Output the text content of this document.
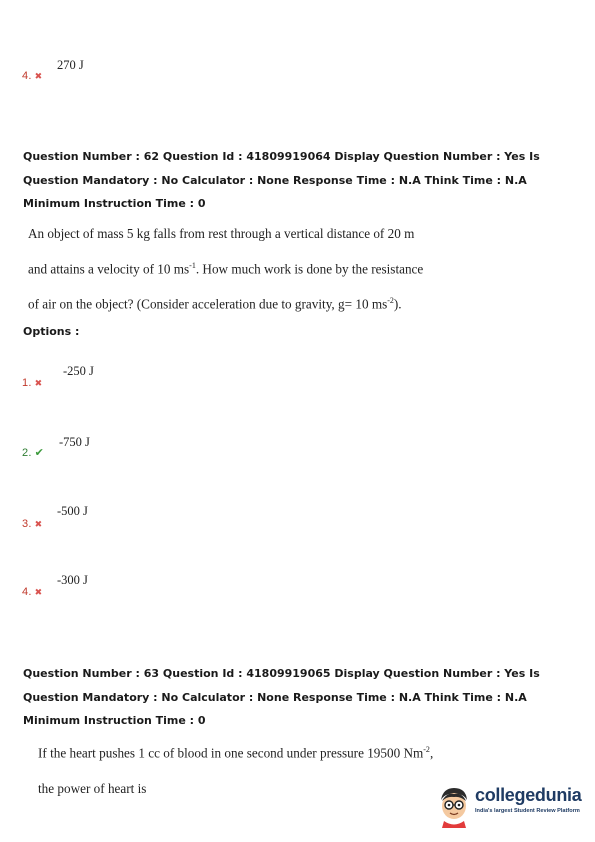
270 J
4. ✖
Question Number : 62 Question Id : 41809919064 Display Question Number : Yes Is Question Mandatory : No Calculator : None Response Time : N.A Think Time : N.A Minimum Instruction Time : 0
An object of mass 5 kg falls from rest through a vertical distance of 20 m
and attains a velocity of 10 $ms^{-1}$. How much work is done by the resistance
of air on the object? (Consider acceleration due to gravity, g= 10 $ms^{-2}$).
Options :
-250 J
1. ✖
-750 J
2. ✔
-500 J
3. ✖
-300 J
4. ✖
Question Number : 63 Question Id : 41809919065 Display Question Number : Yes Is Question Mandatory : No Calculator : None Response Time : N.A Think Time : N.A Minimum Instruction Time : 0
If the heart pushes 1 cc of blood in one second under pressure 19500 $Nm^{-2}$,
the power of heart is	collegedunia
India's largest Student Review Platform
